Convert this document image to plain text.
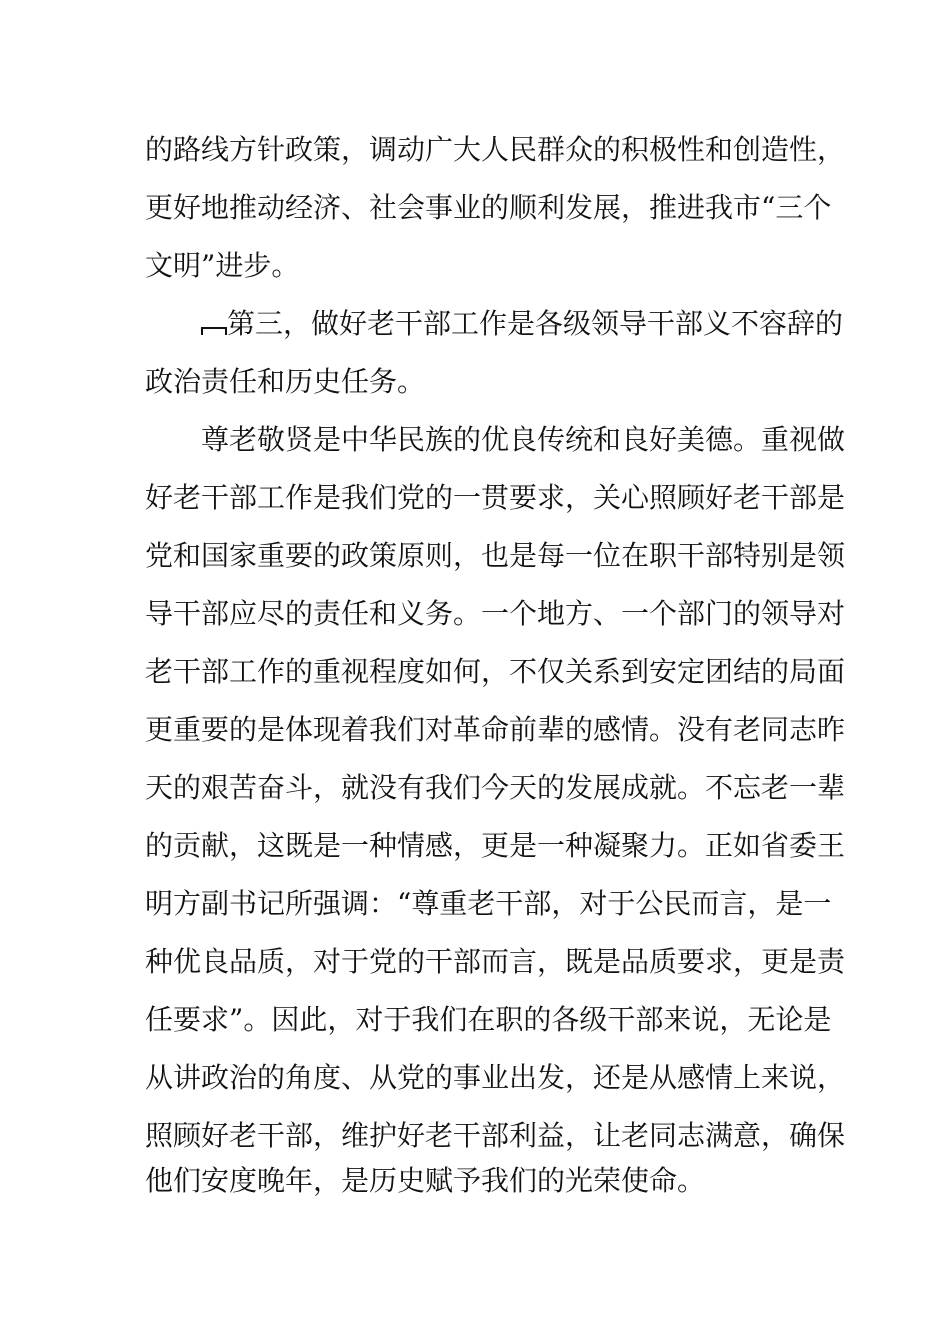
的路线方针政策，调动广大人民群众的积极性和创造性，
更好地推动经济、社会事业的顺利发展，推进我市“三个
文明”进步。
第三，做好老干部工作是各级领导干部义不容辞的
政治责任和历史任务。
尊老敬贤是中华民族的优良传统和良好美德。重视做
好老干部工作是我们党的一贯要求，关心照顾好老干部是
党和国家重要的政策原则，也是每一位在职干部特别是领
导干部应尽的责任和义务。一个地方、一个部门的领导对
老干部工作的重视程度如何，不仅关系到安定团结的局面
更重要的是体现着我们对革命前辈的感情。没有老同志昨
天的艰苦奋斗，就没有我们今天的发展成就。不忘老一辈
的贡献，这既是一种情感，更是一种凝聚力。正如省委王
明方副书记所强调：“尊重老干部，对于公民而言，是一
种优良品质，对于党的干部而言，既是品质要求，更是责
任要求”。因此，对于我们在职的各级干部来说，无论是
从讲政治的角度、从党的事业出发，还是从感情上来说，
照顾好老干部，维护好老干部利益，让老同志满意，确保
他们安度晚年，是历史赋予我们的光荣使命。
